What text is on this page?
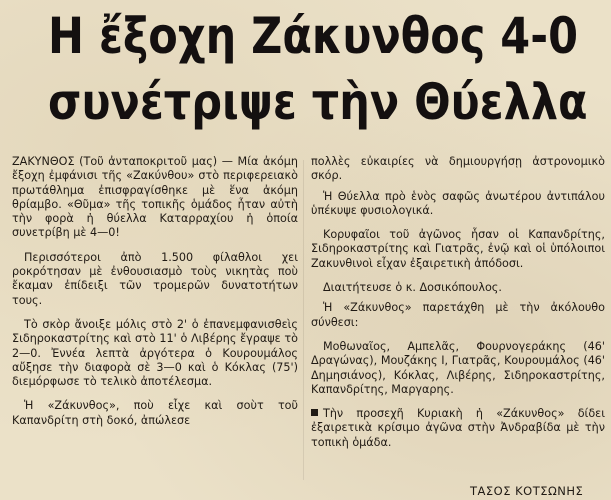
Η ἔξοχη Ζάκυνθος 4-0
συνέτριψε τὴν Θύελλα

ΖΑΚΥΝΘΟΣ (Τοῦ ἀνταποκριτοῦ μας) — Μία ἀκόμη ἔξοχη ἐμφάνισι τῆς «Ζακύνθου» στὸ περιφερειακὸ πρωτάθλημα ἐπισφραγίσθηκε μὲ ἕνα ἀκόμη θρίαμβο. «Θῦμα» τῆς τοπικῆς ὁμάδος ἦταν αὐτὴ τὴν φορὰ ἡ θύελλα Καταρραχίου ἡ ὁποία συνετρίβη μὲ 4—0!

Περισσότεροι ἀπὸ 1.500 φίλαθλοι χει ροκρότησαν μὲ ἐνθουσιασμὸ τοὺς νικητὰς ποὺ ἔκαμαν ἐπίδειξι τῶν τρομερῶν δυνατοτήτων τους.

Τὸ σκὸρ ἄνοιξε μόλις στὸ 2' ὁ ἐπανεμφανισθεὶς Σιδηροκαστρίτης καὶ στὸ 11' ὁ Λιβέρης ἔγραψε τὸ 2—0. Ἐννέα λεπτὰ ἀργότερα ὁ Κουρουμάλος αὔξησε τὴν διαφορὰ σὲ 3—0 καὶ ὁ Κόκλας (75') διεμόρφωσε τὸ τελικὸ ἀποτέλεσμα.

Ἡ «Ζάκυνθος», ποὺ εἶχε καὶ σοὺτ τοῦ Καπανδρίτη στὴ δοκό, ἀπώλεσε

πολλὲς εὐκαιρίες νὰ δημιουργήσῃ ἀστρονομικὸ σκόρ.

Ἡ Θύελλα πρὸ ἑνὸς σαφῶς ἀνωτέρου ἀντιπάλου ὑπέκυψε φυσιολογικά.

Κορυφαῖοι τοῦ ἀγῶνος ἦσαν οἱ Καπανδρίτης, Σιδηροκαστρίτης καὶ Γιατρᾶς, ἐνῷ καὶ οἱ ὑπόλοιποι Ζακυνθινοὶ εἶχαν ἐξαιρετικὴ ἀπόδοσι.

Διαιτήτευσε ὁ κ. Δοσικόπουλος.

Ἡ «Ζάκυνθος» παρετάχθη μὲ τὴν ἀκόλουθο σύνθεσι:

Μοθωναῖος, Αμπελᾶς, Φουρνογεράκης (46' Δραγώνας), Μουζάκης Ι, Γιατρᾶς, Κουρουμάλος (46' Δημησιάνος), Κόκλας, Λιβέρης, Σιδηροκαστρίτης, Καπανδρίτης, Μαργαρης.

Τὴν προσεχῆ Κυριακὴ ἡ «Ζάκυνθος» δίδει ἐξαιρετικὰ κρίσιμο ἀγῶνα στὴν Ἀνδραβίδα μὲ τὴν τοπικὴ ὁμάδα.

ΤΑΣΟΣ ΚΟΤΣΩΝΗΣ
